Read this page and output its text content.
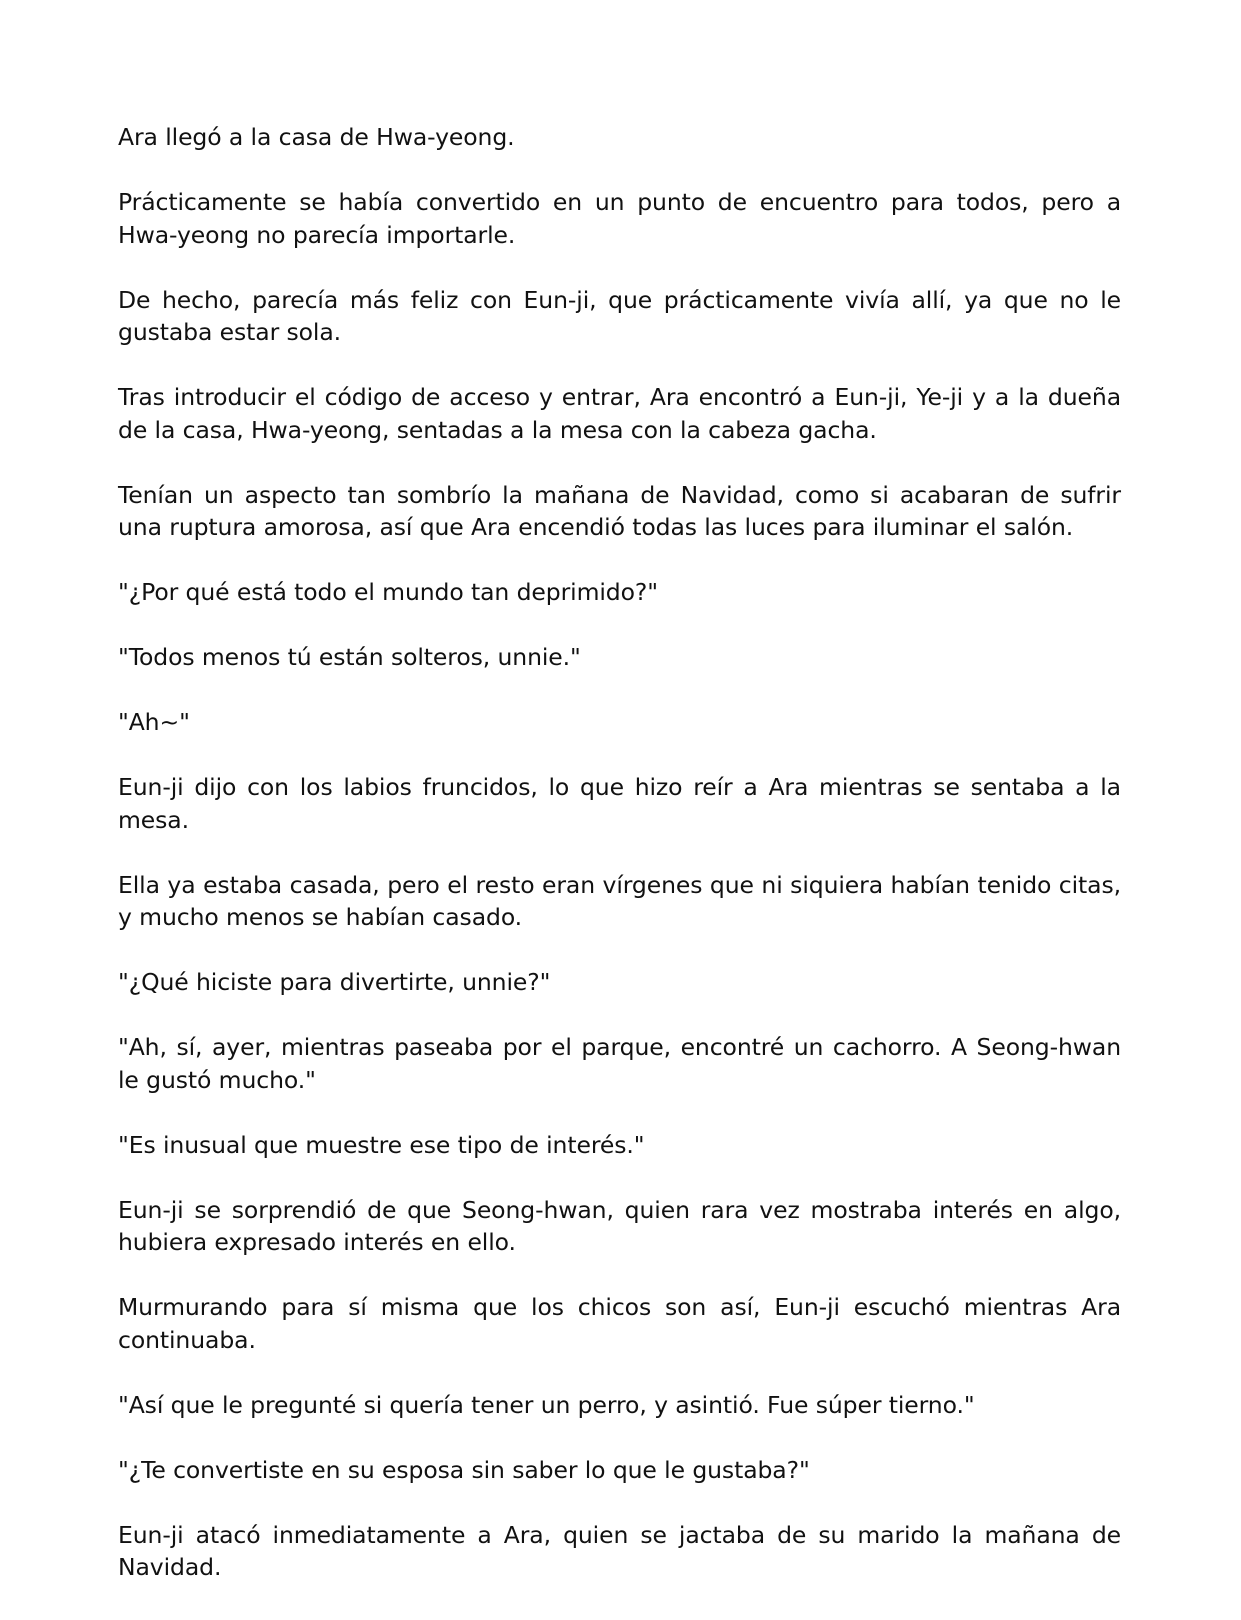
Ara llegó a la casa de Hwa-yeong.

Prácticamente se había convertido en un punto de encuentro para todos, pero a Hwa-yeong no parecía importarle.

De hecho, parecía más feliz con Eun-ji, que prácticamente vivía allí, ya que no le gustaba estar sola.

Tras introducir el código de acceso y entrar, Ara encontró a Eun-ji, Ye-ji y a la dueña de la casa, Hwa-yeong, sentadas a la mesa con la cabeza gacha.

Tenían un aspecto tan sombrío la mañana de Navidad, como si acabaran de sufrir una ruptura amorosa, así que Ara encendió todas las luces para iluminar el salón.

"¿Por qué está todo el mundo tan deprimido?"

"Todos menos tú están solteros, unnie."

"Ah~"

Eun-ji dijo con los labios fruncidos, lo que hizo reír a Ara mientras se sentaba a la mesa.

Ella ya estaba casada, pero el resto eran vírgenes que ni siquiera habían tenido citas, y mucho menos se habían casado.

"¿Qué hiciste para divertirte, unnie?"

"Ah, sí, ayer, mientras paseaba por el parque, encontré un cachorro. A Seong-hwan le gustó mucho."

"Es inusual que muestre ese tipo de interés."

Eun-ji se sorprendió de que Seong-hwan, quien rara vez mostraba interés en algo, hubiera expresado interés en ello.

Murmurando para sí misma que los chicos son así, Eun-ji escuchó mientras Ara continuaba.

"Así que le pregunté si quería tener un perro, y asintió. Fue súper tierno."

"¿Te convertiste en su esposa sin saber lo que le gustaba?"

Eun-ji atacó inmediatamente a Ara, quien se jactaba de su marido la mañana de Navidad.
